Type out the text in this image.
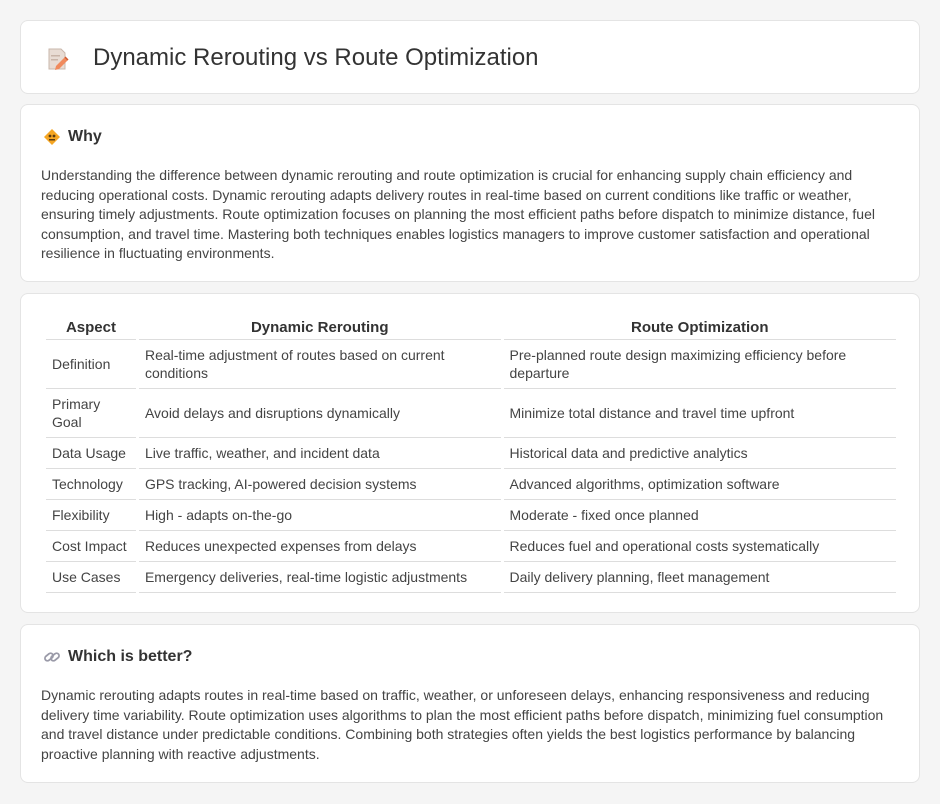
Dynamic Rerouting vs Route Optimization
Why

Understanding the difference between dynamic rerouting and route optimization is crucial for enhancing supply chain efficiency and reducing operational costs. Dynamic rerouting adapts delivery routes in real-time based on current conditions like traffic or weather, ensuring timely adjustments. Route optimization focuses on planning the most efficient paths before dispatch to minimize distance, fuel consumption, and travel time. Mastering both techniques enables logistics managers to improve customer satisfaction and operational resilience in fluctuating environments.

Aspect	Dynamic Rerouting	Route Optimization
Definition	Real-time adjustment of routes based on current conditions	Pre-planned route design maximizing efficiency before departure
Primary Goal	Avoid delays and disruptions dynamically	Minimize total distance and travel time upfront
Data Usage	Live traffic, weather, and incident data	Historical data and predictive analytics
Technology	GPS tracking, AI-powered decision systems	Advanced algorithms, optimization software
Flexibility	High - adapts on-the-go	Moderate - fixed once planned
Cost Impact	Reduces unexpected expenses from delays	Reduces fuel and operational costs systematically
Use Cases	Emergency deliveries, real-time logistic adjustments	Daily delivery planning, fleet management
Which is better?

Dynamic rerouting adapts routes in real-time based on traffic, weather, or unforeseen delays, enhancing responsiveness and reducing delivery time variability. Route optimization uses algorithms to plan the most efficient paths before dispatch, minimizing fuel consumption and travel distance under predictable conditions. Combining both strategies often yields the best logistics performance by balancing proactive planning with reactive adjustments.
